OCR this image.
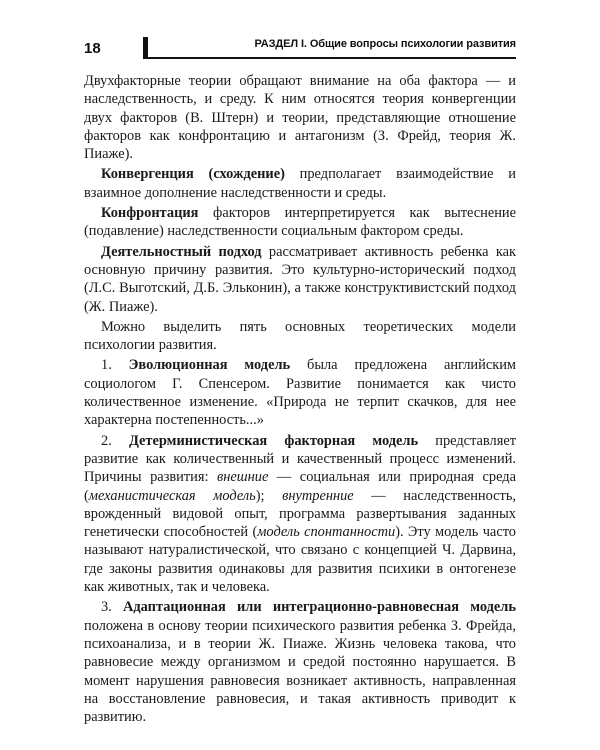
18	РАЗДЕЛ I. Общие вопросы психологии развития

Двухфакторные теории обращают внимание на оба фактора — и наследственность, и среду. К ним относятся теория конвергенции двух факторов (В. Штерн) и теории, представляющие отношение факторов как конфронтацию и антагонизм (З. Фрейд, теория Ж. Пиаже).

Конвергенция (схождение) предполагает взаимодействие и взаимное дополнение наследственности и среды.

Конфронтация факторов интерпретируется как вытеснение (подавление) наследственности социальным фактором среды.

Деятельностный подход рассматривает активность ребенка как основную причину развития. Это культурно-исторический подход (Л.С. Выготский, Д.Б. Эльконин), а также конструктивистский подход (Ж. Пиаже).

Можно выделить пять основных теоретических модели психологии развития.

1. Эволюционная модель была предложена английским социологом Г. Спенсером. Развитие понимается как чисто количественное изменение. «Природа не терпит скачков, для нее характерна постепенность...»

2. Детерминистическая факторная модель представляет развитие как количественный и качественный процесс изменений. Причины развития: внешние — социальная или природная среда (механистическая модель); внутренние — наследственность, врожденный видовой опыт, программа развертывания заданных генетически способностей (модель спонтанности). Эту модель часто называют натуралистической, что связано с концепцией Ч. Дарвина, где законы развития одинаковы для развития психики в онтогенезе как животных, так и человека.

3. Адаптационная или интеграционно-равновесная модель положена в основу теории психического развития ребенка З. Фрейда, психоанализа, и в теории Ж. Пиаже. Жизнь человека такова, что равновесие между организмом и средой постоянно нарушается. В момент нарушения равновесия возникает активность, направленная на восстановление равновесия, и такая активность приводит к развитию.
